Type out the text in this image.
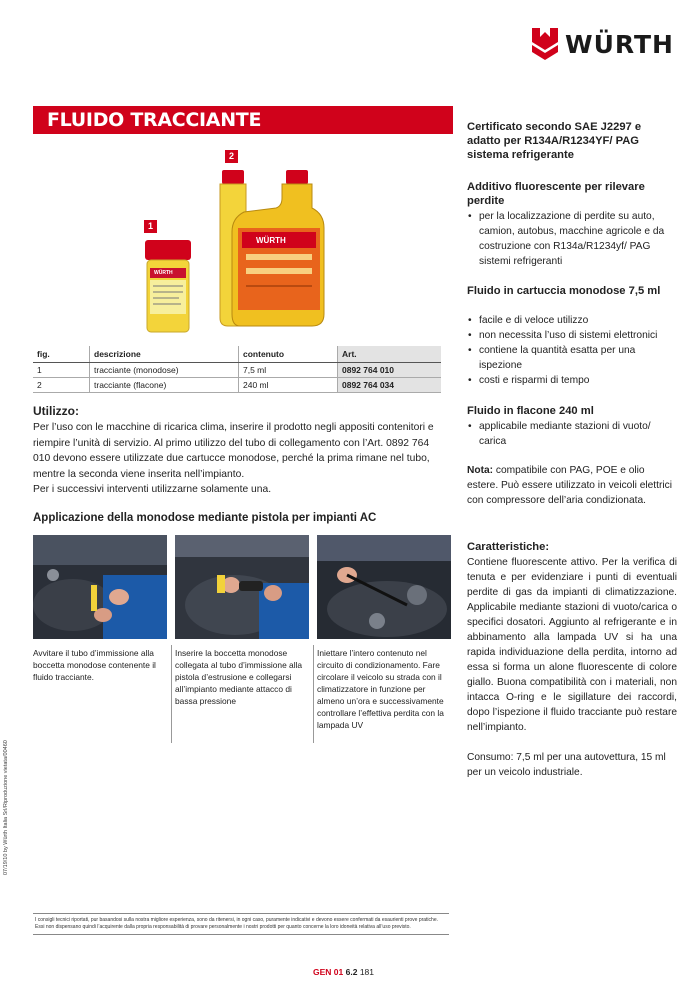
WÜRTH
FLUIDO TRACCIANTE
1
2
WÜRTH
WÜRTH
fig.	descrizione	contenuto	Art.
1	tracciante (monodose)	7,5 ml	0892 764 010
2	tracciante (flacone)	240 ml	0892 764 034
Utilizzo:

Per l’uso con le macchine di ricarica clima, inserire il prodotto negli appositi contenitori e riempire l’unità di servizio. Al primo utilizzo del tubo di collegamento con l’Art. 0892 764 010 devono essere utilizzate due cartucce monodose, perché la prima rimane nel tubo, mentre la seconda viene inserita nell’impianto.

Per i successivi interventi utilizzarne solamente una.

Applicazione della monodose mediante pistola per impianti AC
Avvitare il tubo d’immissione alla boccetta monodose contenente il fluido tracciante.
Inserire la boccetta monodose collegata al tubo d’immissione alla pistola d’estrusione e collegarsi all’impianto mediante attacco di bassa pressione
Iniettare l’intero contenuto nel circuito di condizionamento. Fare circolare il veicolo su strada con il climatizzatore in funzione per almeno un’ora e successivamente controllare l’effettiva perdita con la lampada UV
Certificato secondo SAE J2297 e adatto per R134A/R1234YF/ PAG sistema refrigerante
Additivo fluorescente per rilevare perdite
• per la localizzazione di perdite su auto, camion, autobus, macchine agricole e da costruzione con R134a/R1234yf/ PAG sistemi refrigeranti
Fluido in cartuccia monodose 7,5 ml
• facile e di veloce utilizzo
• non necessita l’uso di sistemi elettronici
• contiene la quantità esatta per una ispezione
• costi e risparmi di tempo
Fluido in flacone 240 ml
• applicabile mediante stazioni di vuoto/ carica
Nota: compatibile con PAG, POE e olio estere. Può essere utilizzato in veicoli elettrici con compressore dell’aria condizionata.
Caratteristiche:
Contiene fluorescente attivo. Per la verifica di tenuta e per evidenziare i punti di eventuali perdite di gas da impianti di climatizzazione. Applicabile mediante stazioni di vuoto/carica o specifici dosatori. Aggiunto al refrigerante e in abbinamento alla lampada UV si ha una rapida individuazione della perdita, intorno ad essa si forma un alone fluorescente di colore giallo. Buona compatibilità con i materiali, non intacca O-ring e le sigillature dei raccordi, dopo l’ispezione il fluido tracciante può restare nell’impianto.
Consumo: 7,5 ml per una autovettura, 15 ml per un veicolo industriale.
07/19/10 by Würth Italia Srl/Riproduzione vietata/00460
I consigli tecnici riportati, pur basandosi sulla nostra migliore esperienza, sono da ritenersi, in ogni caso, puramente indicativi e devono essere confermati da esaurienti prove pratiche. Essi non dispensano quindi l’acquirente dalla propria responsabilità di provare personalmente i nostri prodotti per quanto concerne la loro idoneità relativa all’uso previsto.
GEN 01 6.2 181
